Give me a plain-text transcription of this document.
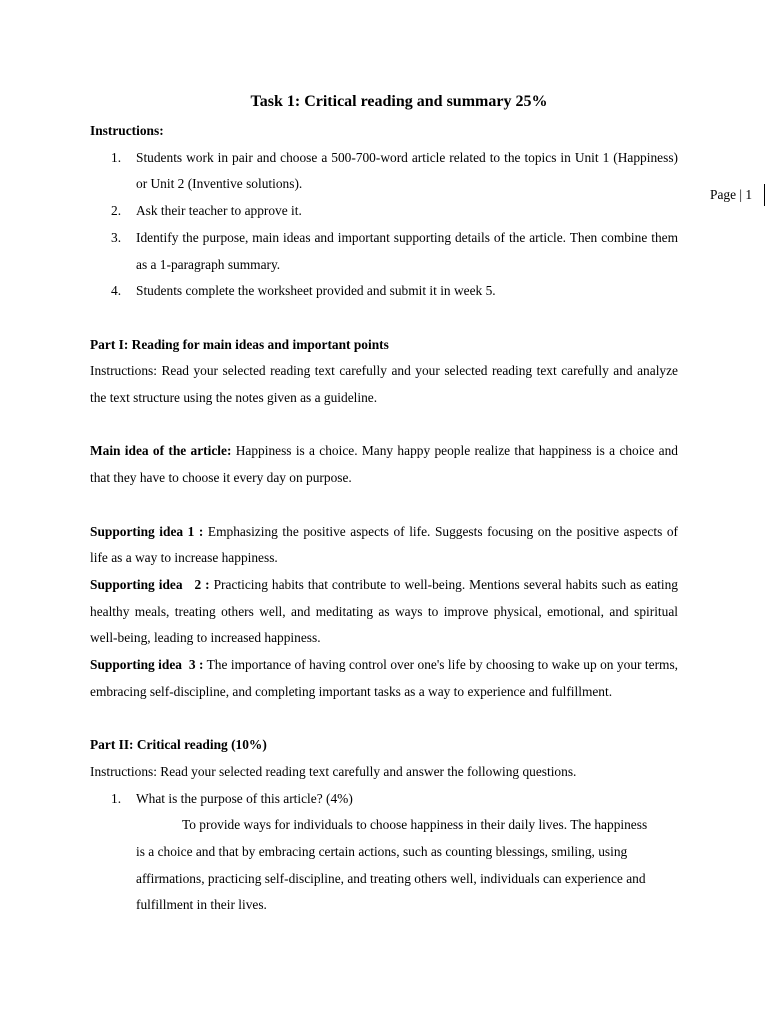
Page | 1
Task 1: Critical reading and summary 25%
Instructions:
1.	Students work in pair and choose a 500-700-word article related to the topics in Unit 1 (Happiness) or Unit 2 (Inventive solutions).
2.	Ask their teacher to approve it.
3.	Identify the purpose, main ideas and important supporting details of the article. Then combine them as a 1-paragraph summary.
4.	Students complete the worksheet provided and submit it in week 5.
Part I: Reading for main ideas and important points

Instructions: Read your selected reading text carefully and your selected reading text carefully and analyze the text structure using the notes given as a guideline.

Main idea of the article: Happiness is a choice. Many happy people realize that happiness is a choice and that they have to choose it every day on purpose.

Supporting idea 1 : Emphasizing the positive aspects of life. Suggests focusing on the positive aspects of life as a way to increase happiness.

Supporting idea   2 : Practicing habits that contribute to well-being. Mentions several habits such as eating healthy meals, treating others well, and meditating as ways to improve physical, emotional, and spiritual well-being, leading to increased happiness.

Supporting idea  3 : The importance of having control over one's life by choosing to wake up on your terms, embracing self-discipline, and completing important tasks as a way to experience and fulfillment.

Part II: Critical reading (10%)

Instructions: Read your selected reading text carefully and answer the following questions.

1.	What is the purpose of this article? (4%)
To provide ways for individuals to choose happiness in their daily lives. The happiness is a choice and that by embracing certain actions, such as counting blessings, smiling, using affirmations, practicing self-discipline, and treating others well, individuals can experience and fulfillment in their lives.
